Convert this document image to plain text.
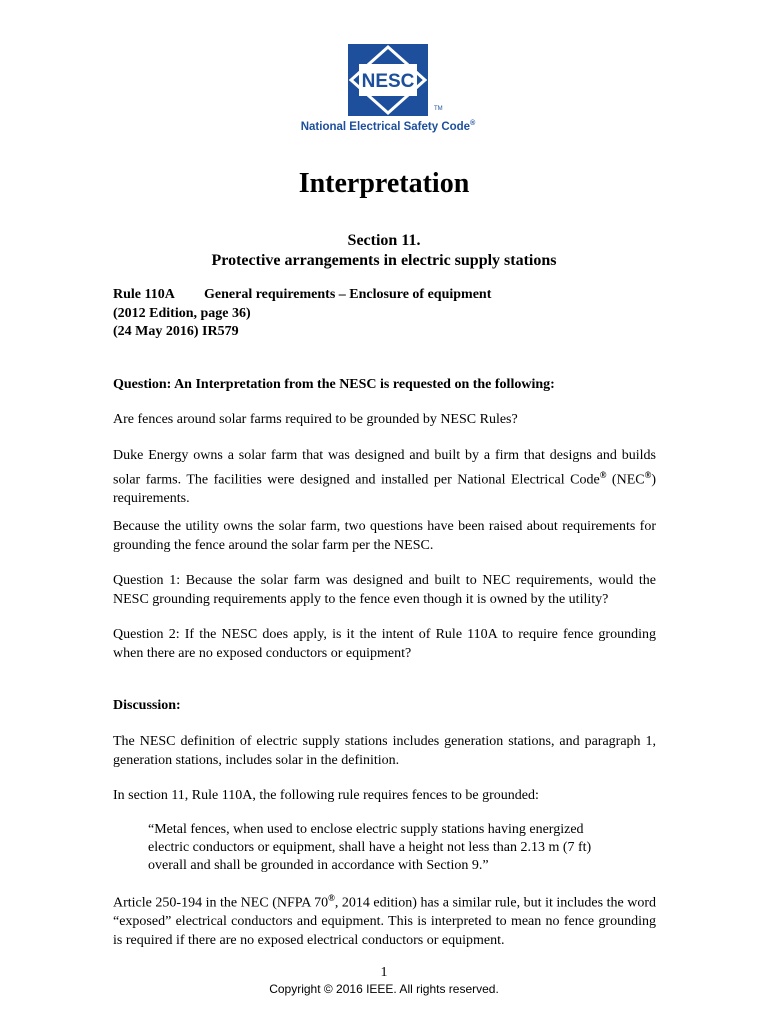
NESC
TM
National Electrical Safety Code®
Interpretation
Section 11.
Protective arrangements in electric supply stations
Rule 110A General requirements – Enclosure of equipment
(2012 Edition, page 36)
(24 May 2016) IR579
Question: An Interpretation from the NESC is requested on the following:
Are fences around solar farms required to be grounded by NESC Rules?
Duke Energy owns a solar farm that was designed and built by a firm that designs and builds solar farms. The facilities were designed and installed per National Electrical Code® (NEC®) requirements.
Because the utility owns the solar farm, two questions have been raised about requirements for grounding the fence around the solar farm per the NESC.
Question 1: Because the solar farm was designed and built to NEC requirements, would the NESC grounding requirements apply to the fence even though it is owned by the utility?
Question 2: If the NESC does apply, is it the intent of Rule 110A to require fence grounding when there are no exposed conductors or equipment?
Discussion:
The NESC definition of electric supply stations includes generation stations, and paragraph 1, generation stations, includes solar in the definition.
In section 11, Rule 110A, the following rule requires fences to be grounded:
“Metal fences, when used to enclose electric supply stations having energized
electric conductors or equipment, shall have a height not less than 2.13 m (7 ft)
overall and shall be grounded in accordance with Section 9.”
Article 250-194 in the NEC (NFPA 70®, 2014 edition) has a similar rule, but it includes the word “exposed” electrical conductors and equipment. This is interpreted to mean no fence grounding is required if there are no exposed electrical conductors or equipment.
1
Copyright © 2016 IEEE. All rights reserved.
